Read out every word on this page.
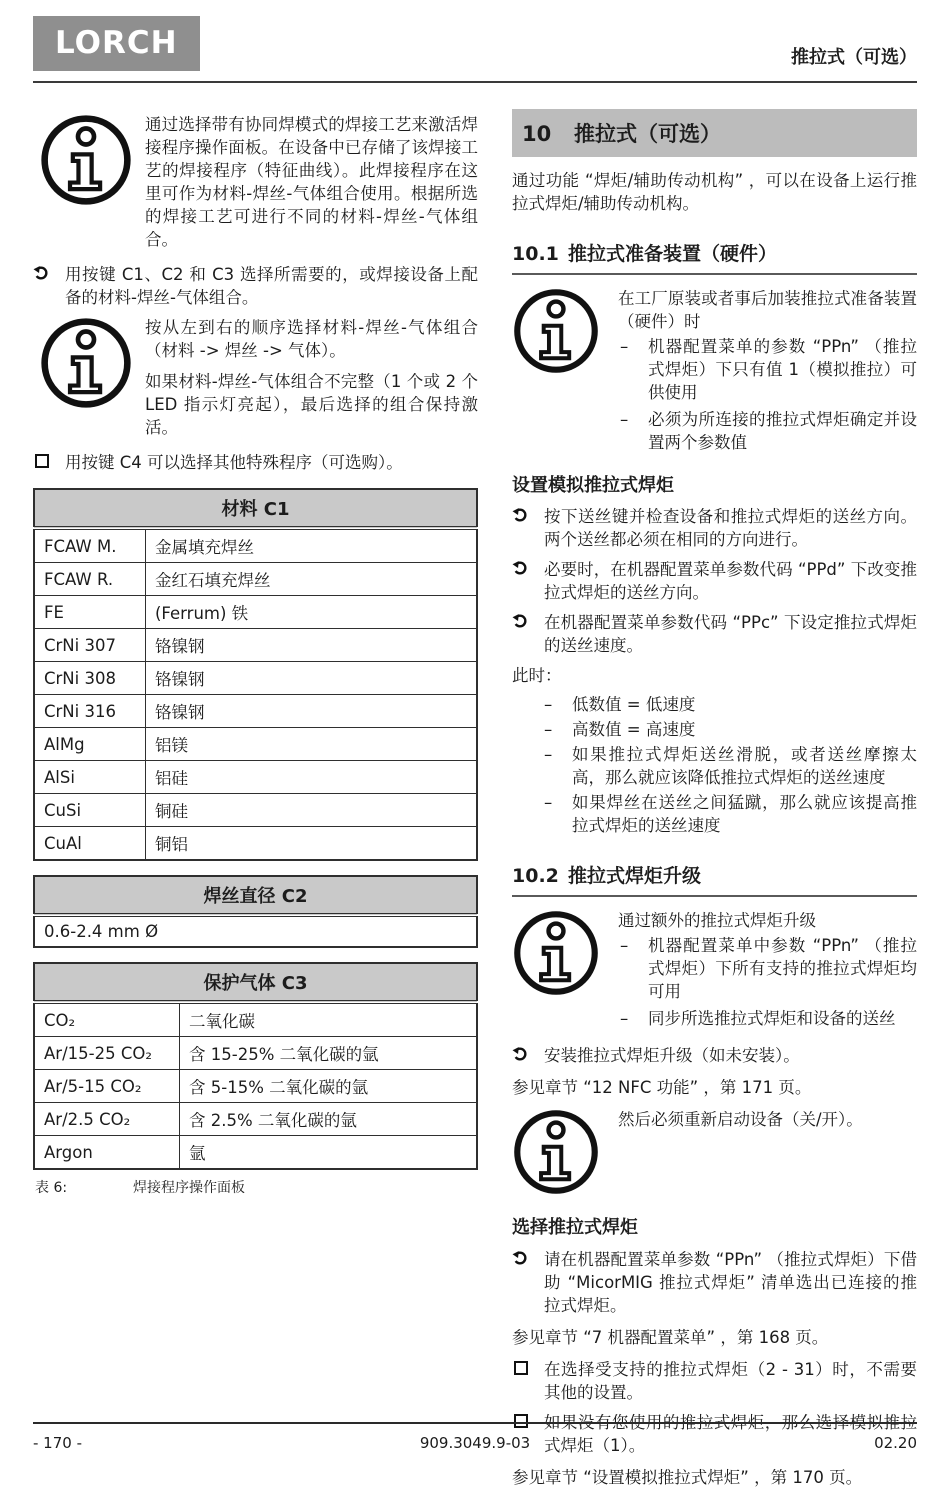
LORCH	推拉式（可选）

通过选择带有协同焊模式的焊接工艺来激活焊接程序操作面板。在设备中已存储了该焊接工艺的焊接程序（特征曲线）。此焊接程序在这里可作为材料-焊丝-气体组合使用。根据所选的焊接工艺可进行不同的材料-焊丝-气体组合。

用按键 C1、C2 和 C3 选择所需要的，或焊接设备上配备的材料-焊丝-气体组合。

按从左到右的顺序选择材料-焊丝-气体组合（材料 -> 焊丝 -> 气体）。

如果材料-焊丝-气体组合不完整（1 个或 2 个 LED 指示灯亮起），最后选择的组合保持激活。

用按键 C4 可以选择其他特殊程序（可选购）。

材料 C1	
FCAW M.	金属填充焊丝
FCAW R.	金红石填充焊丝
FE	(Ferrum) 铁
CrNi 307	铬镍钢
CrNi 308	铬镍钢
CrNi 316	铬镍钢
AlMg	铝镁
AlSi	铝硅
CuSi	铜硅
CuAl	铜铝
焊丝直径 C2
0.6-2.4 mm Ø
保护气体 C3	
CO₂	二氧化碳
Ar/15-25 CO₂	含 15-25% 二氧化碳的氩
Ar/5-15 CO₂	含 5-15% 二氧化碳的氩
Ar/2.5 CO₂	含 2.5% 二氧化碳的氩
Argon	氩
表 6:	焊接程序操作面板
10	推拉式（可选）

通过功能 “焊炬/辅助传动机构” ，可以在设备上运行推拉式焊炬/辅助传动机构。

10.1 推拉式准备装置（硬件）

在工厂原装或者事后加装推拉式准备装置（硬件）时

–	机器配置菜单的参数 “PPn” （推拉式焊炬）下只有值 1（模拟推拉）可供使用

–	必须为所连接的推拉式焊炬确定并设置两个参数值

设置模拟推拉式焊炬

按下送丝键并检查设备和推拉式焊炬的送丝方向。两个送丝都必须在相同的方向进行。

必要时，在机器配置菜单参数代码 “PPd” 下改变推拉式焊炬的送丝方向。

在机器配置菜单参数代码 “PPc” 下设定推拉式焊炬的送丝速度。

此时：

–	低数值 = 低速度

–	高数值 = 高速度

–	如果推拉式焊炬送丝滑脱，或者送丝摩擦太高，那么就应该降低推拉式焊炬的送丝速度

–	如果焊丝在送丝之间猛蹴，那么就应该提高推拉式焊炬的送丝速度

10.2 推拉式焊炬升级

通过额外的推拉式焊炬升级

–	机器配置菜单中参数 “PPn” （推拉式焊炬）下所有支持的推拉式焊炬均可用

–	同步所选推拉式焊炬和设备的送丝

安装推拉式焊炬升级（如未安装）。

参见章节 “12 NFC 功能” ，第 171 页。

然后必须重新启动设备（关/开）。

选择推拉式焊炬

请在机器配置菜单参数 “PPn” （推拉式焊炬）下借助 “MicorMIG 推拉式焊炬” 清单选出已连接的推拉式焊炬。

参见章节 “7 机器配置菜单” ，第 168 页。

在选择受支持的推拉式焊炬（2 - 31）时，不需要其他的设置。

如果没有您使用的推拉式焊炬，那么选择模拟推拉式焊炬（1）。

参见章节 “设置模拟推拉式焊炬” ，第 170 页。

- 170 -	909.3049.9-03	02.20
